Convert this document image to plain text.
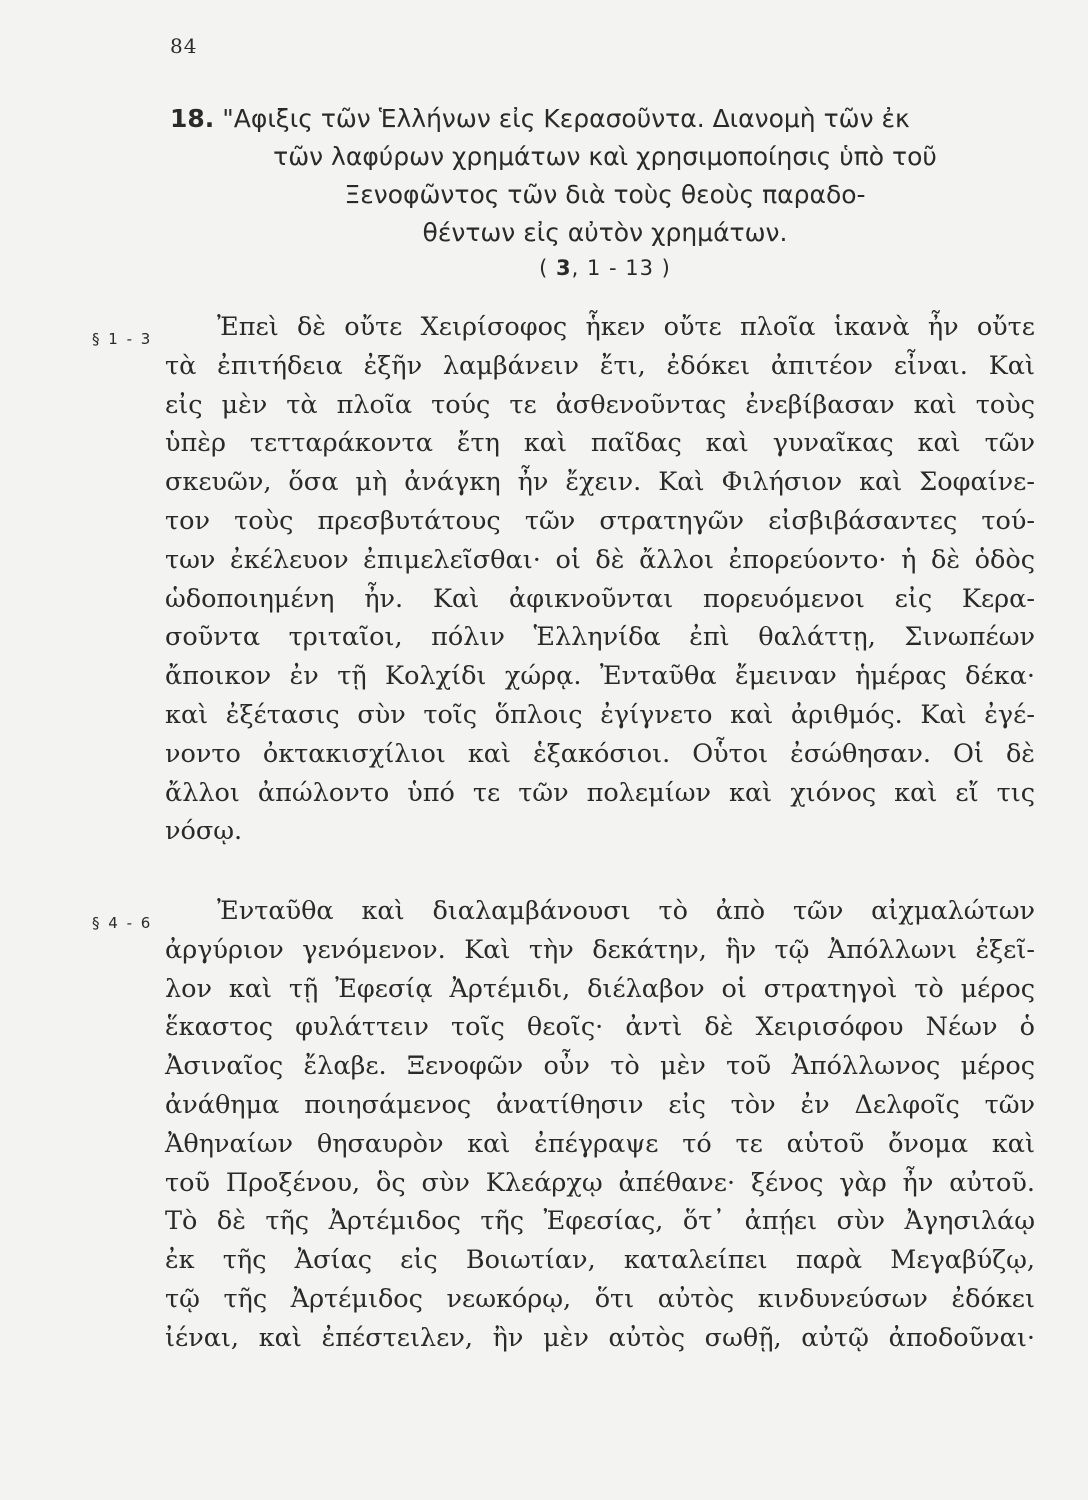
84
18. "Αφιξις τῶν Ἑλλήνων εἰς Κερασοῦντα. Διανομὴ τῶν ἐκ
τῶν λαφύρων χρημάτων καὶ χρησιμοποίησις ὑπὸ τοῦ
Ξενοφῶντος τῶν διὰ τοὺς θεοὺς παραδο-
θέντων εἰς αὐτὸν χρημάτων.
( 3, 1 - 13 )
§ 1 - 3	Ἐπεὶ δὲ οὔτε Χειρίσοφος ἧκεν οὔτε πλοῖα ἱκανὰ ἦν οὔτε
τὰ ἐπιτήδεια ἐξῆν λαμβάνειν ἔτι, ἐδόκει ἀπιτέον εἶναι. Καὶ
εἰς μὲν τὰ πλοῖα τούς τε ἀσθενοῦντας ἐνεβίβασαν καὶ τοὺς
ὑπὲρ τετταράκοντα ἔτη καὶ παῖδας καὶ γυναῖκας καὶ τῶν
σκευῶν, ὅσα μὴ ἀνάγκη ἦν ἔχειν. Καὶ Φιλήσιον καὶ Σοφαίνε-
τον τοὺς πρεσβυτάτους τῶν στρατηγῶν εἰσβιβάσαντες τού-
των ἐκέλευον ἐπιμελεῖσθαι· οἱ δὲ ἄλλοι ἐπορεύοντο· ἡ δὲ ὁδὸς
ὡδοποιημένη ἦν. Καὶ ἀφικνοῦνται πορευόμενοι εἰς Κερα-
σοῦντα τριταῖοι, πόλιν Ἑλληνίδα ἐπὶ θαλάττῃ, Σινωπέων
ἄποικον ἐν τῇ Κολχίδι χώρᾳ. Ἐνταῦθα ἔμειναν ἡμέρας δέκα·
καὶ ἐξέτασις σὺν τοῖς ὅπλοις ἐγίγνετο καὶ ἀριθμός. Καὶ ἐγέ-
νοντο ὀκτακισχίλιοι καὶ ἑξακόσιοι. Οὗτοι ἐσώθησαν. Οἱ δὲ
ἄλλοι ἀπώλοντο ὑπό τε τῶν πολεμίων καὶ χιόνος καὶ εἴ τις
νόσῳ.
§ 4 - 6	Ἐνταῦθα καὶ διαλαμβάνουσι τὸ ἀπὸ τῶν αἰχμαλώτων
ἀργύριον γενόμενον. Καὶ τὴν δεκάτην, ἣν τῷ Ἀπόλλωνι ἐξεῖ-
λον καὶ τῇ Ἐφεσίᾳ Ἀρτέμιδι, διέλαβον οἱ στρατηγοὶ τὸ μέρος
ἕκαστος φυλάττειν τοῖς θεοῖς· ἀντὶ δὲ Χειρισόφου Νέων ὁ
Ἀσιναῖος ἔλαβε. Ξενοφῶν οὖν τὸ μὲν τοῦ Ἀπόλλωνος μέρος
ἀνάθημα ποιησάμενος ἀνατίθησιν εἰς τὸν ἐν Δελφοῖς τῶν
Ἀθηναίων θησαυρὸν καὶ ἐπέγραψε τό τε αὑτοῦ ὄνομα καὶ
τοῦ Προξένου, ὃς σὺν Κλεάρχῳ ἀπέθανε· ξένος γὰρ ἦν αὐτοῦ.
Τὸ δὲ τῆς Ἀρτέμιδος τῆς Ἐφεσίας, ὅτ᾽ ἀπῄει σὺν Ἀγησιλάῳ
ἐκ τῆς Ἀσίας εἰς Βοιωτίαν, καταλείπει παρὰ Μεγαβύζῳ,
τῷ τῆς Ἀρτέμιδος νεωκόρῳ, ὅτι αὐτὸς κινδυνεύσων ἐδόκει
ἰέναι, καὶ ἐπέστειλεν, ἢν μὲν αὐτὸς σωθῇ, αὐτῷ ἀποδοῦναι·
